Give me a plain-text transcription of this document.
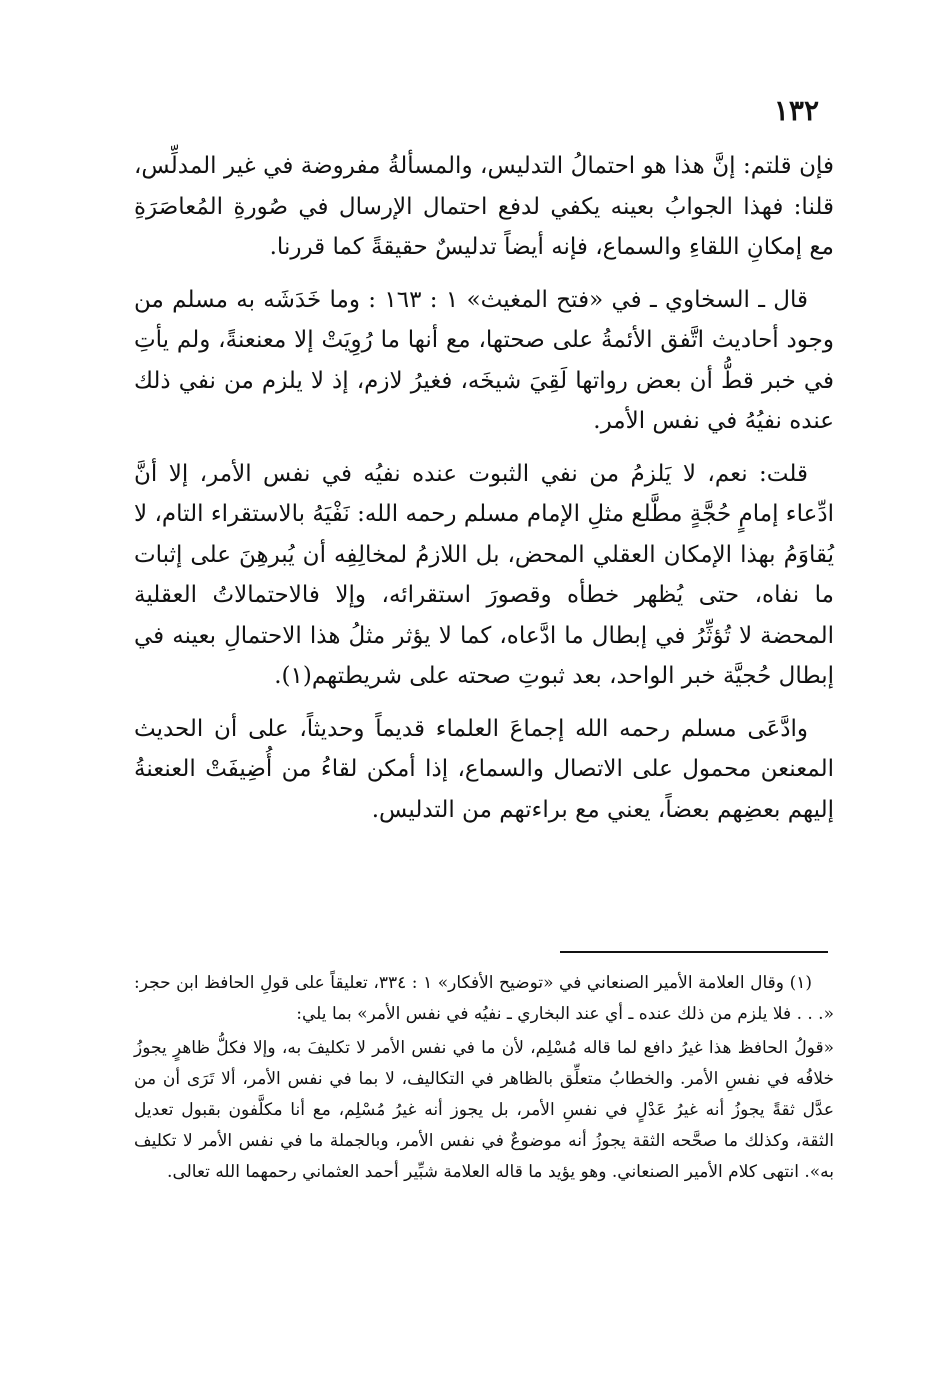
١٣٢

فإن قلتم: إنَّ هذا هو احتمالُ التدليس، والمسألةُ مفروضة في غير المدلِّس، قلنا: فهذا الجوابُ بعينه يكفي لدفع احتمال الإرسال في صُورةِ المُعاصَرَةِ مع إمكانِ اللقاءِ والسماع، فإنه أيضاً تدليسٌ حقيقةً كما قررنا.

قال ـ السخاوي ـ في «فتح المغيث» ١ : ١٦٣ : وما خَدَشَه به مسلم من وجود أحاديث اتَّفق الأئمةُ على صحتها، مع أنها ما رُوِيَتْ إلا معنعنةً، ولم يأتِ في خبر قطُّ أن بعض رواتها لَقِيَ شيخَه، فغيرُ لازم، إذ لا يلزم من نفي ذلك عنده نفيُهُ في نفس الأمر.

قلت: نعم، لا يَلزمُ من نفي الثبوت عنده نفيُه في نفس الأمر، إلا أنَّ ادِّعاء إمامٍ حُجَّةٍ مطَّلع مثلِ الإمام مسلم رحمه الله: نَفْيَهُ بالاستقراء التام، لا يُقاوَمُ بهذا الإمكان العقلي المحض، بل اللازمُ لمخالِفِه أن يُبرهِنَ على إثبات ما نفاه، حتى يُظهر خطأه وقصورَ استقرائه، وإلا فالاحتمالاتُ العقلية المحضة لا تُؤثِّرُ في إبطال ما ادَّعاه، كما لا يؤثر مثلُ هذا الاحتمالِ بعينه في إبطال حُجيَّة خبر الواحد، بعد ثبوتِ صحته على شريطتهم(١).

وادَّعَى مسلم رحمه الله إجماعَ العلماء قديماً وحديثاً، على أن الحديث المعنعن محمول على الاتصال والسماع، إذا أمكن لقاءُ من أُضِيفَتْ العنعنةُ إليهم بعضِهم بعضاً، يعني مع براءتهم من التدليس.

(١) وقال العلامة الأمير الصنعاني في «توضيح الأفكار» ١ : ٣٣٤، تعليقاً على قولِ الحافظ ابن حجر: «. . . فلا يلزم من ذلك عنده ـ أي عند البخاري ـ نفيُه في نفس الأمر» بما يلي:

«قولُ الحافظ هذا غيرُ دافع لما قاله مُسْلِم، لأن ما في نفس الأمر لا تكليفَ به، وإلا فكلُّ ظاهرٍ يجوزُ خلافُه في نفسِ الأمر. والخطابُ متعلِّق بالظاهر في التكاليف، لا بما في نفس الأمر، ألا تَرَى أن من عدَّل ثقةً يجوزُ أنه غيرُ عَدْلٍ في نفسِ الأمر، بل يجوز أنه غيرُ مُسْلِم، مع أنا مكلَّفون بقبول تعديل الثقة، وكذلك ما صحَّحه الثقة يجوزُ أنه موضوعٌ في نفس الأمر، وبالجملة ما في نفس الأمر لا تكليف به». انتهى كلام الأمير الصنعاني. وهو يؤيد ما قاله العلامة شبِّير أحمد العثماني رحمهما الله تعالى.
